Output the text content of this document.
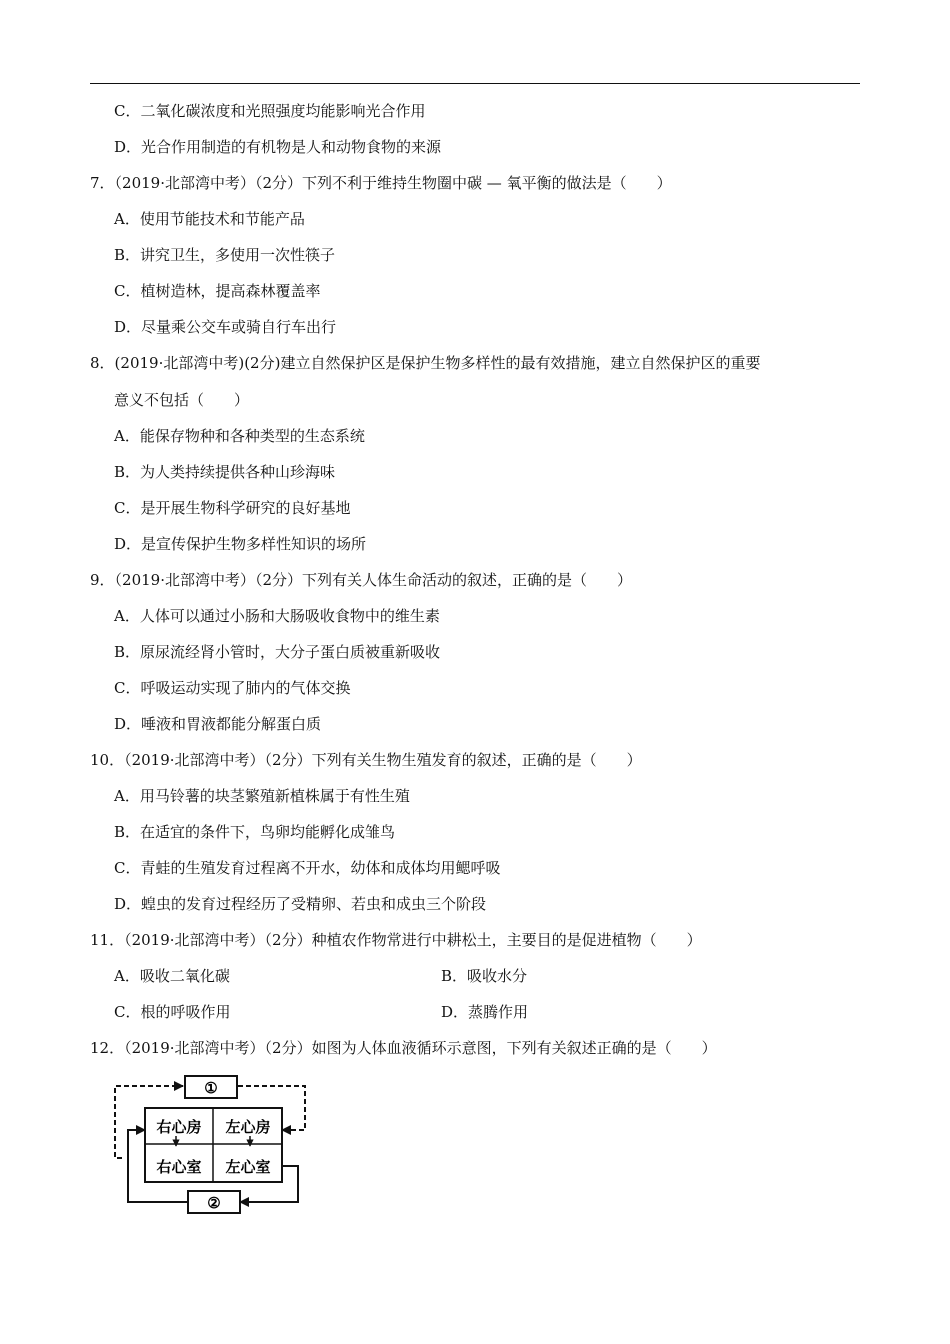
C．二氧化碳浓度和光照强度均能影响光合作用
D．光合作用制造的有机物是人和动物食物的来源
7．（2019·北部湾中考）（2分）下列不利于维持生物圈中碳 — 氧平衡的做法是（　　）
A．使用节能技术和节能产品
B．讲究卫生，多使用一次性筷子
C．植树造林，提高森林覆盖率
D．尽量乘公交车或骑自行车出行
8．(2019·北部湾中考)(2分)建立自然保护区是保护生物多样性的最有效措施，建立自然保护区的重要
意义不包括（　　）
A．能保存物种和各种类型的生态系统
B．为人类持续提供各种山珍海味
C．是开展生物科学研究的良好基地
D．是宣传保护生物多样性知识的场所
9．（2019·北部湾中考）（2分）下列有关人体生命活动的叙述，正确的是（　　）
A．人体可以通过小肠和大肠吸收食物中的维生素
B．原尿流经肾小管时，大分子蛋白质被重新吸收
C．呼吸运动实现了肺内的气体交换
D．唾液和胃液都能分解蛋白质
10．（2019·北部湾中考）（2分）下列有关生物生殖发育的叙述，正确的是（　　）
A．用马铃薯的块茎繁殖新植株属于有性生殖
B．在适宜的条件下，鸟卵均能孵化成雏鸟
C．青蛙的生殖发育过程离不开水，幼体和成体均用鳃呼吸
D．蝗虫的发育过程经历了受精卵、若虫和成虫三个阶段
11．（2019·北部湾中考）（2分）种植农作物常进行中耕松土，主要目的是促进植物（　　）
A．吸收二氧化碳	B．吸收水分
C．根的呼吸作用	D．蒸腾作用
12．（2019·北部湾中考）（2分）如图为人体血液循环示意图，下列有关叙述正确的是（　　）
①
右心房 左心房
右心室 左心室
②
